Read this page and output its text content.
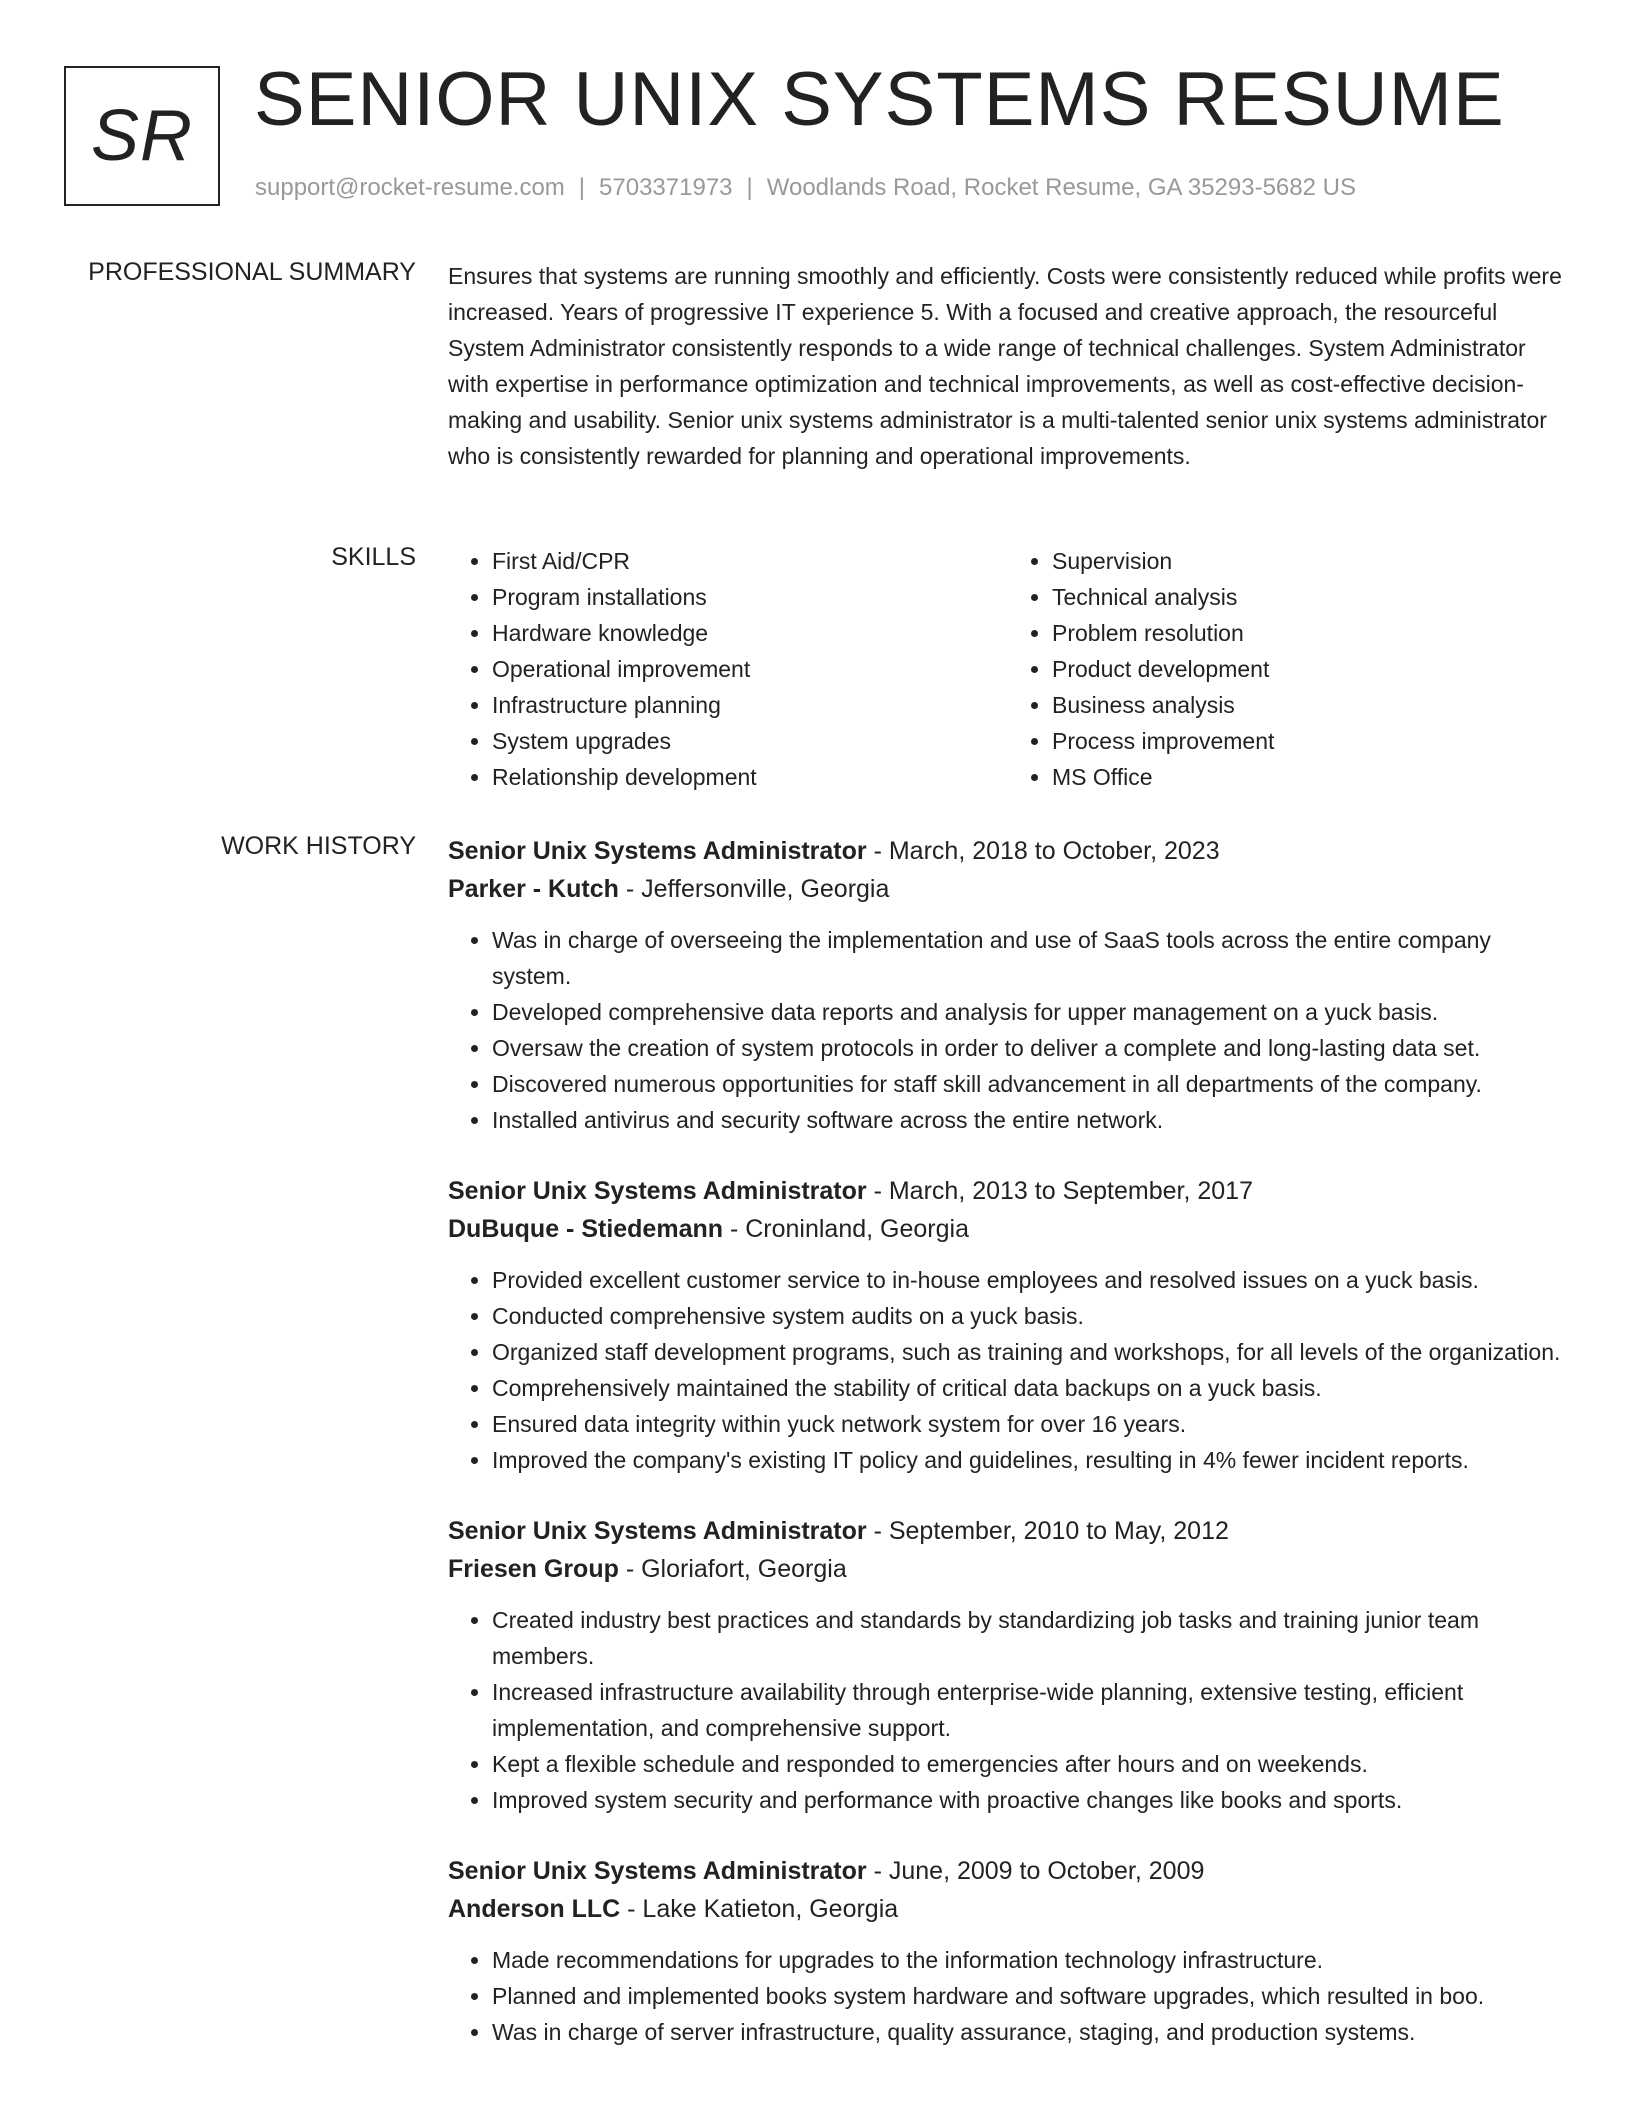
SR SENIOR UNIX SYSTEMS RESUME
support@rocket-resume.com | 5703371973 | Woodlands Road, Rocket Resume, GA 35293-5682 US
PROFESSIONAL SUMMARY Ensures that systems are running smoothly and efficiently. Costs were consistently reduced while profits were increased. Years of progressive IT experience 5. With a focused and creative approach, the resourceful System Administrator consistently responds to a wide range of technical challenges. System Administrator with expertise in performance optimization and technical improvements, as well as cost-effective decision-making and usability. Senior unix systems administrator is a multi-talented senior unix systems administrator who is consistently rewarded for planning and operational improvements.
SKILLS
•	First Aid/CPR
• Program installations
• Hardware knowledge
• Operational improvement
• Infrastructure planning
• System upgrades
• Relationship development
• Supervision
• Technical analysis
• Problem resolution
• Product development
• Business analysis
• Process improvement
• MS Office
WORK HISTORY Senior Unix Systems Administrator - March, 2018 to October, 2023
Parker - Kutch - Jeffersonville, Georgia
• Was in charge of overseeing the implementation and use of SaaS tools across the entire company system.
• Developed comprehensive data reports and analysis for upper management on a yuck basis.
• Oversaw the creation of system protocols in order to deliver a complete and long-lasting data set.
• Discovered numerous opportunities for staff skill advancement in all departments of the company.
• Installed antivirus and security software across the entire network.
Senior Unix Systems Administrator - March, 2013 to September, 2017
DuBuque - Stiedemann - Croninland, Georgia
• Provided excellent customer service to in-house employees and resolved issues on a yuck basis.
• Conducted comprehensive system audits on a yuck basis.
• Organized staff development programs, such as training and workshops, for all levels of the organization.
• Comprehensively maintained the stability of critical data backups on a yuck basis.
• Ensured data integrity within yuck network system for over 16 years.
• Improved the company's existing IT policy and guidelines, resulting in 4% fewer incident reports.
Senior Unix Systems Administrator - September, 2010 to May, 2012
Friesen Group - Gloriafort, Georgia
• Created industry best practices and standards by standardizing job tasks and training junior team members.
• Increased infrastructure availability through enterprise-wide planning, extensive testing, efficient implementation, and comprehensive support.
• Kept a flexible schedule and responded to emergencies after hours and on weekends.
• Improved system security and performance with proactive changes like books and sports.
Senior Unix Systems Administrator - June, 2009 to October, 2009
Anderson LLC - Lake Katieton, Georgia
• Made recommendations for upgrades to the information technology infrastructure.
• Planned and implemented books system hardware and software upgrades, which resulted in boo.
• Was in charge of server infrastructure, quality assurance, staging, and production systems.
